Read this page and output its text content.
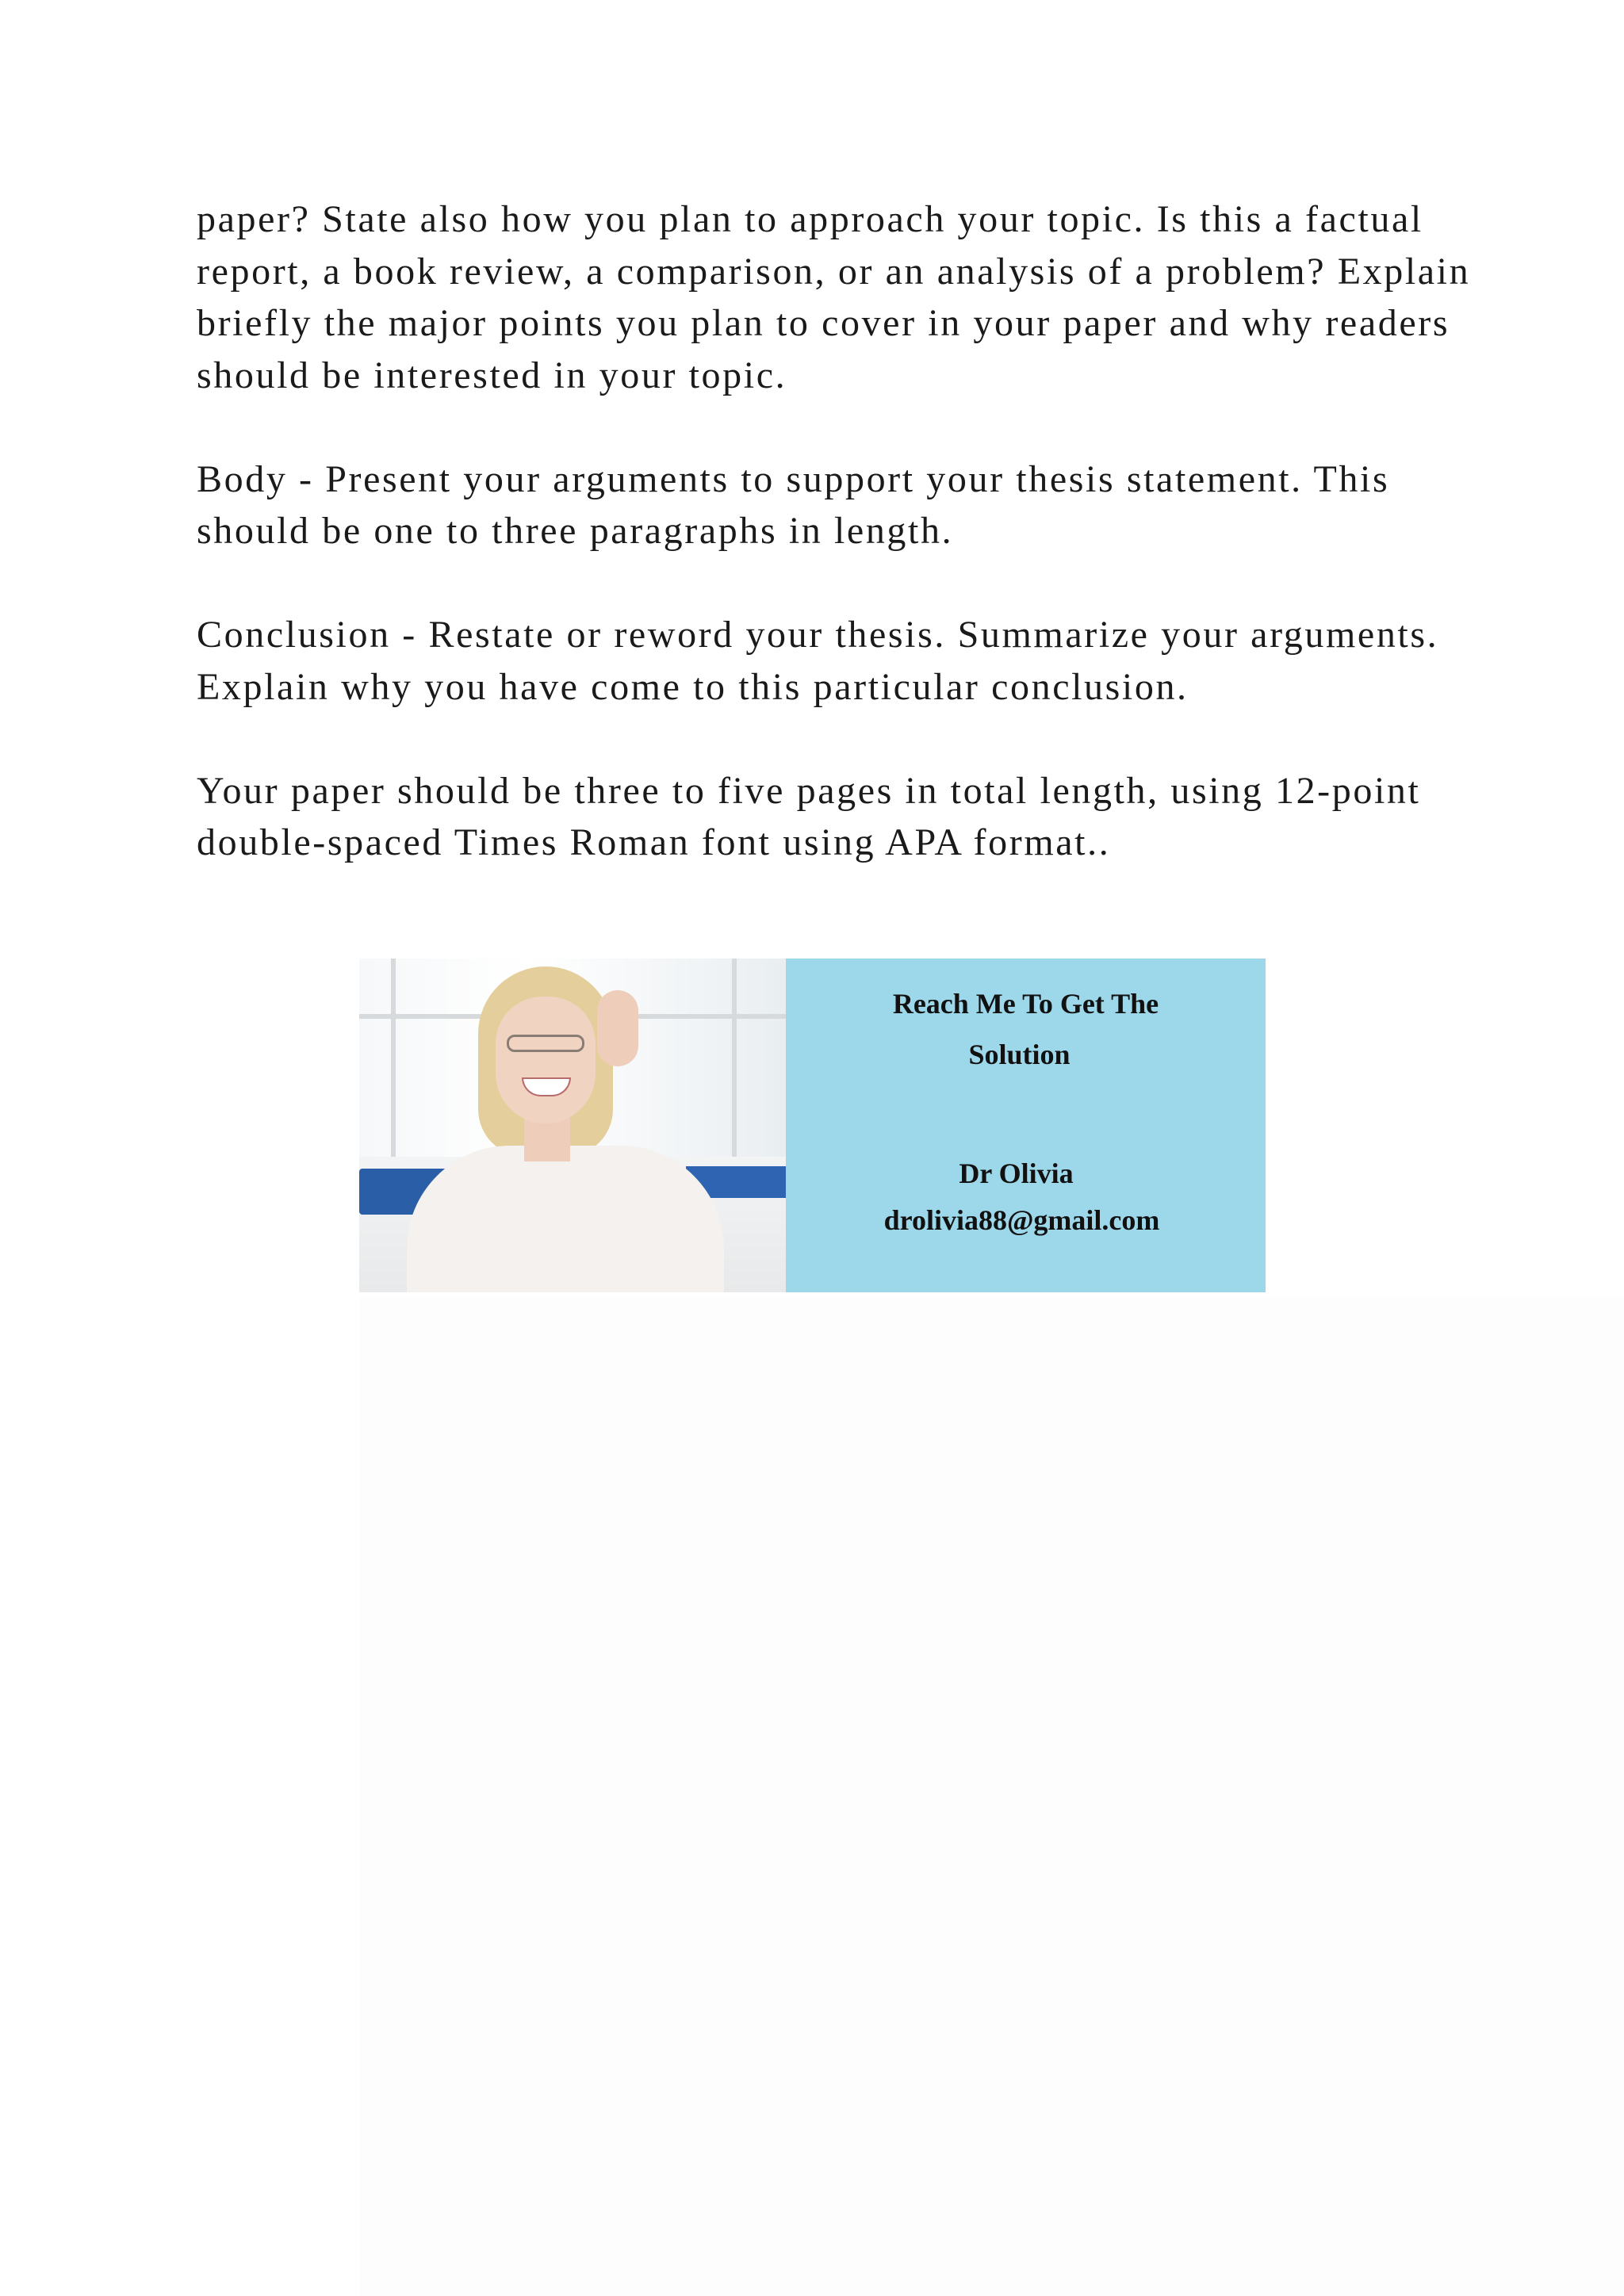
paper? State also how you plan to approach your topic. Is this a factual report, a book review, a comparison, or an analysis of a problem? Explain briefly the major points you plan to cover in your paper and why readers should be interested in your topic.

Body - Present your arguments to support your thesis statement. This should be one to three paragraphs in length.

Conclusion - Restate or reword your thesis. Summarize your arguments. Explain why you have come to this particular conclusion.

Your paper should be three to five pages in total length, using 12-point double-spaced Times Roman font using APA format..

Reach Me To Get The
Solution
Dr Olivia
drolivia88@gmail.com
